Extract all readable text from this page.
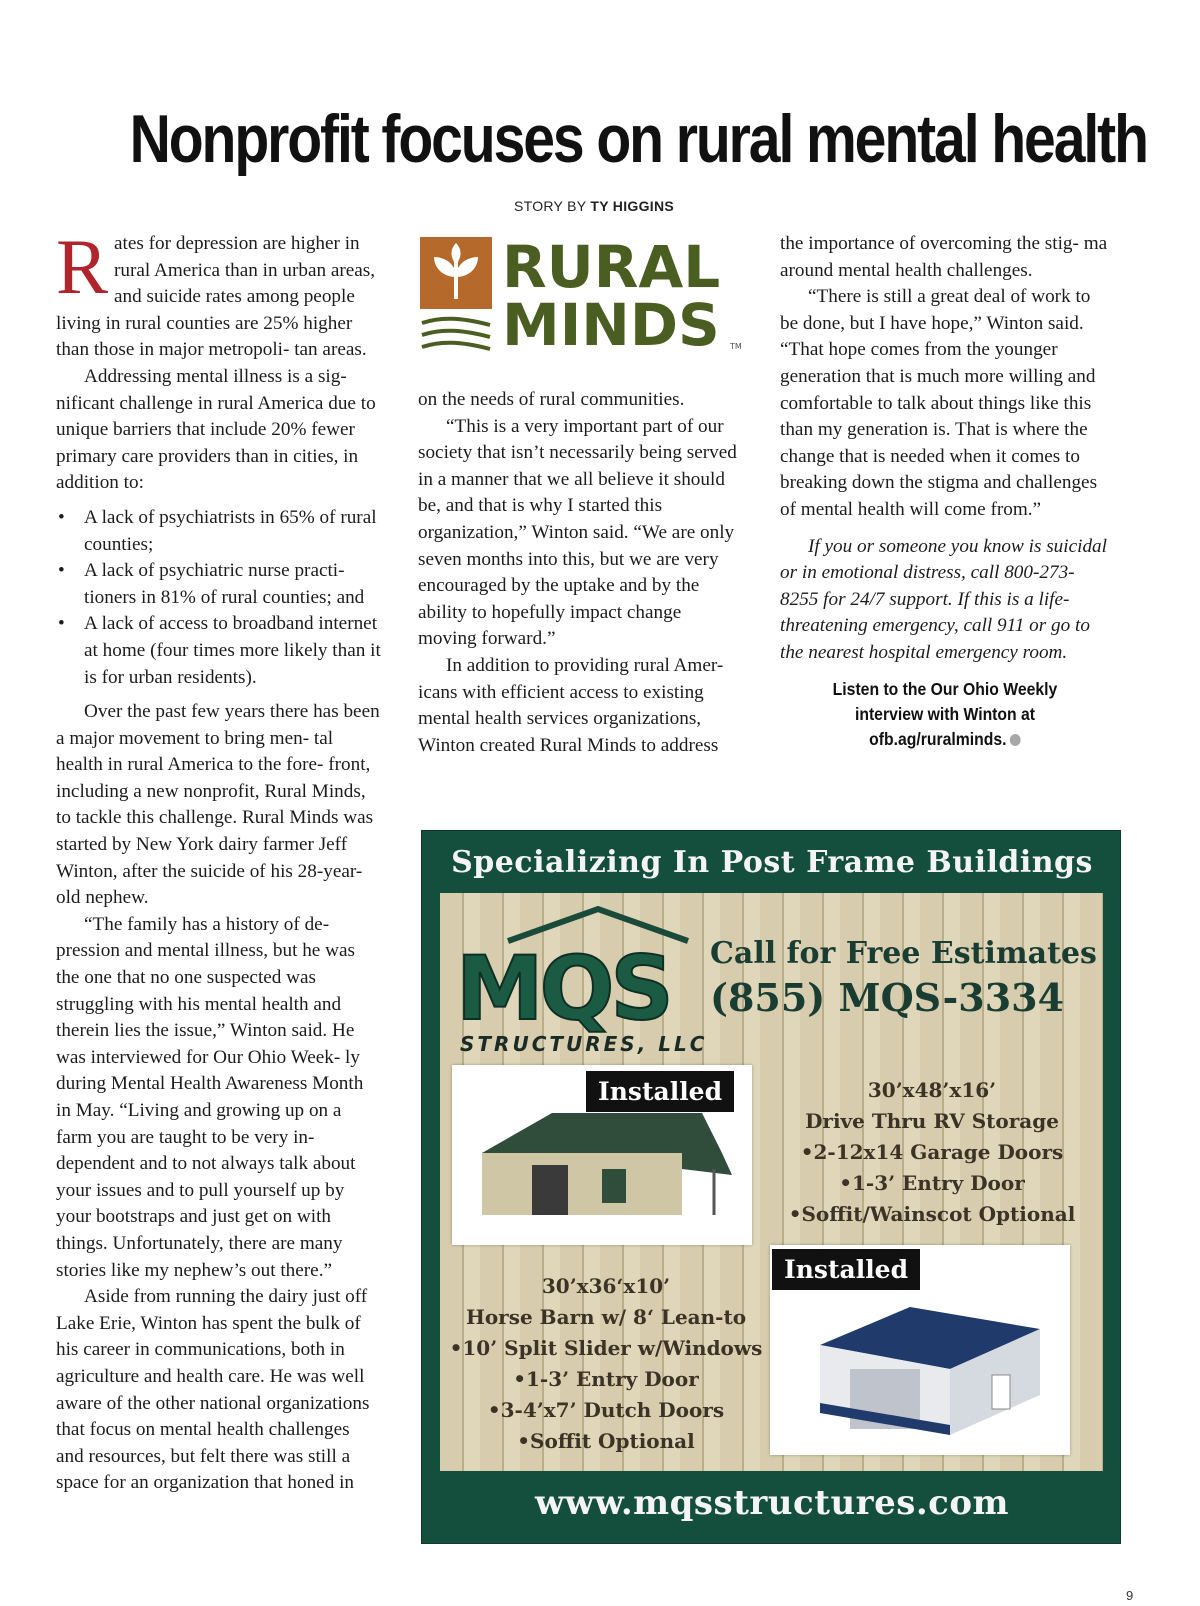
Nonprofit focuses on rural mental health
STORY BY TY HIGGINS

Rates for depression are higher in rural America than in urban areas, and suicide rates among people living in rural counties are 25% higher than those in major metropoli- tan areas.

Addressing mental illness is a sig- nificant challenge in rural America due to unique barriers that include 20% fewer primary care providers than in cities, in addition to:

• A lack of psychiatrists in 65% of rural counties;
• A lack of psychiatric nurse practi- tioners in 81% of rural counties; and
• A lack of access to broadband internet at home (four times more likely than it is for urban residents).

Over the past few years there has been a major movement to bring men- tal health in rural America to the fore- front, including a new nonprofit, Rural Minds, to tackle this challenge. Rural Minds was started by New York dairy farmer Jeff Winton, after the suicide of his 28-year-old nephew.

“The family has a history of de- pression and mental illness, but he was the one that no one suspected was struggling with his mental health and therein lies the issue,” Winton said. He was interviewed for Our Ohio Week- ly during Mental Health Awareness Month in May. “Living and growing up on a farm you are taught to be very in- dependent and to not always talk about your issues and to pull yourself up by your bootstraps and just get on with things. Unfortunately, there are many stories like my nephew’s out there.”

Aside from running the dairy just off Lake Erie, Winton has spent the bulk of his career in communications, both in agriculture and health care. He was well aware of the other national organizations that focus on mental health challenges and resources, but felt there was still a space for an organization that honed in

RURAL
MINDS TM

on the needs of rural communities.

“This is a very important part of our society that isn’t necessarily being served in a manner that we all believe it should be, and that is why I started this organization,” Winton said. “We are only seven months into this, but we are very encouraged by the uptake and by the ability to hopefully impact change moving forward.”

In addition to providing rural Amer- icans with efficient access to existing mental health services organizations, Winton created Rural Minds to address

the importance of overcoming the stig- ma around mental health challenges.

“There is still a great deal of work to be done, but I have hope,” Winton said. “That hope comes from the younger generation that is much more willing and comfortable to talk about things like this than my generation is. That is where the change that is needed when it comes to breaking down the stigma and challenges of mental health will come from.”

If you or someone you know is suicidal or in emotional distress, call 800-273-8255 for 24/7 support. If this is a life-threatening emergency, call 911 or go to the nearest hospital emergency room.

Listen to the Our Ohio Weekly interview with Winton at ofb.ag/ruralminds.
Specializing In Post Frame Buildings
MQS
STRUCTURES, LLC
Call for Free Estimates
(855) MQS-3334
Installed	30’x48’x16’
Drive Thru RV Storage
•2-12x14 Garage Doors
•1-3’ Entry Door
•Soffit/Wainscot Optional
Installed
30’x36‘x10’
Horse Barn w/ 8‘ Lean-to
•10’ Split Slider w/Windows
•1-3’ Entry Door
•3-4’x7’ Dutch Doors
•Soffit Optional
www.mqsstructures.com
9
